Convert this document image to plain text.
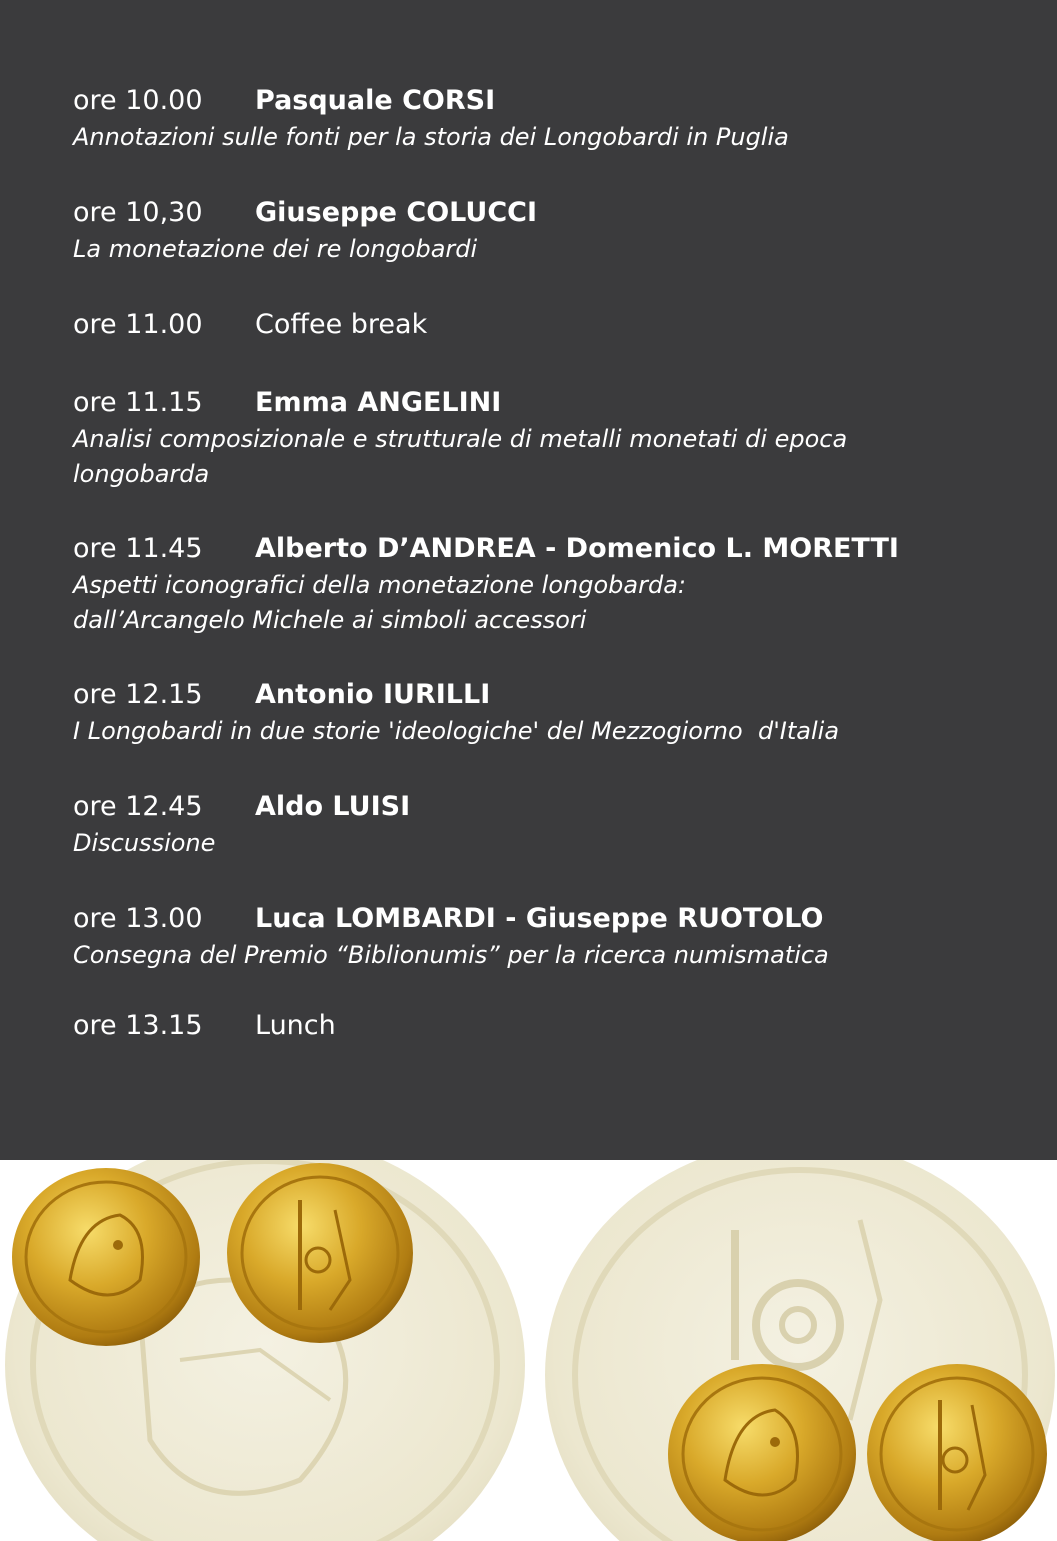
ore 10.00 Pasquale CORSI
Annotazioni sulle fonti per la storia dei Longobardi in Puglia
ore 10,30 Giuseppe COLUCCI
La monetazione dei re longobardi
ore 11.00 Coffee break
ore 11.15 Emma ANGELINI
Analisi composizionale e strutturale di metalli monetati di epoca
longobarda
ore 11.45 Alberto D’ANDREA - Domenico L. MORETTI
Aspetti iconografici della monetazione longobarda:
dall’Arcangelo Michele ai simboli accessori
ore 12.15 Antonio IURILLI
I Longobardi in due storie 'ideologiche' del Mezzogiorno  d'Italia
ore 12.45 Aldo LUISI
Discussione
ore 13.00 Luca LOMBARDI - Giuseppe RUOTOLO
Consegna del Premio “Biblionumis” per la ricerca numismatica
ore 13.15 Lunch
